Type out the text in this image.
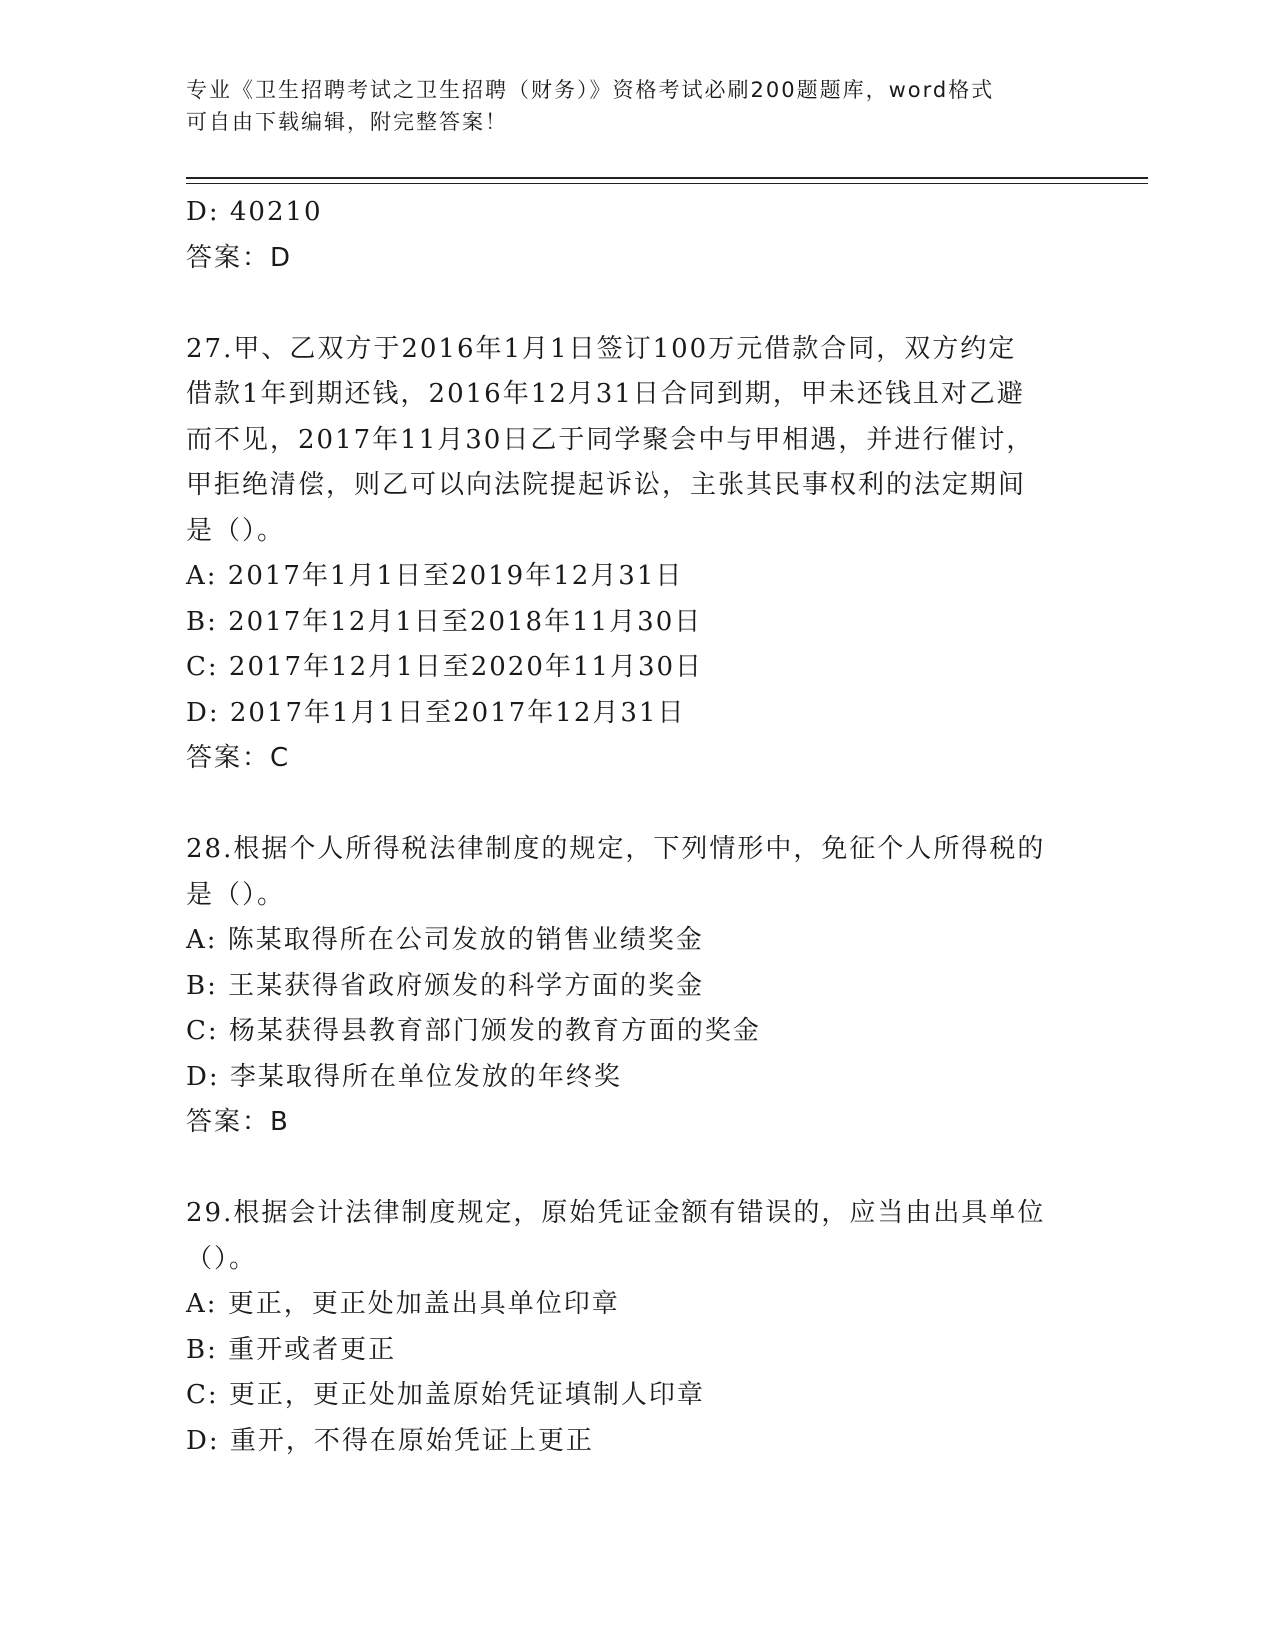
专业《卫生招聘考试之卫生招聘（财务）》资格考试必刷200题题库，word格式
可自由下载编辑，附完整答案！
D: 40210
答案：D
27.甲、乙双方于2016年1月1日签订100万元借款合同，双方约定
借款1年到期还钱，2016年12月31日合同到期，甲未还钱且对乙避
而不见，2017年11月30日乙于同学聚会中与甲相遇，并进行催讨，
甲拒绝清偿，则乙可以向法院提起诉讼，主张其民事权利的法定期间
是（）。
A: 2017年1月1日至2019年12月31日
B: 2017年12月1日至2018年11月30日
C: 2017年12月1日至2020年11月30日
D: 2017年1月1日至2017年12月31日
答案：C
28.根据个人所得税法律制度的规定，下列情形中，免征个人所得税的
是（）。
A: 陈某取得所在公司发放的销售业绩奖金
B: 王某获得省政府颁发的科学方面的奖金
C: 杨某获得县教育部门颁发的教育方面的奖金
D: 李某取得所在单位发放的年终奖
答案：B
29.根据会计法律制度规定，原始凭证金额有错误的，应当由出具单位
（）。
A: 更正，更正处加盖出具单位印章
B: 重开或者更正
C: 更正，更正处加盖原始凭证填制人印章
D: 重开，不得在原始凭证上更正
